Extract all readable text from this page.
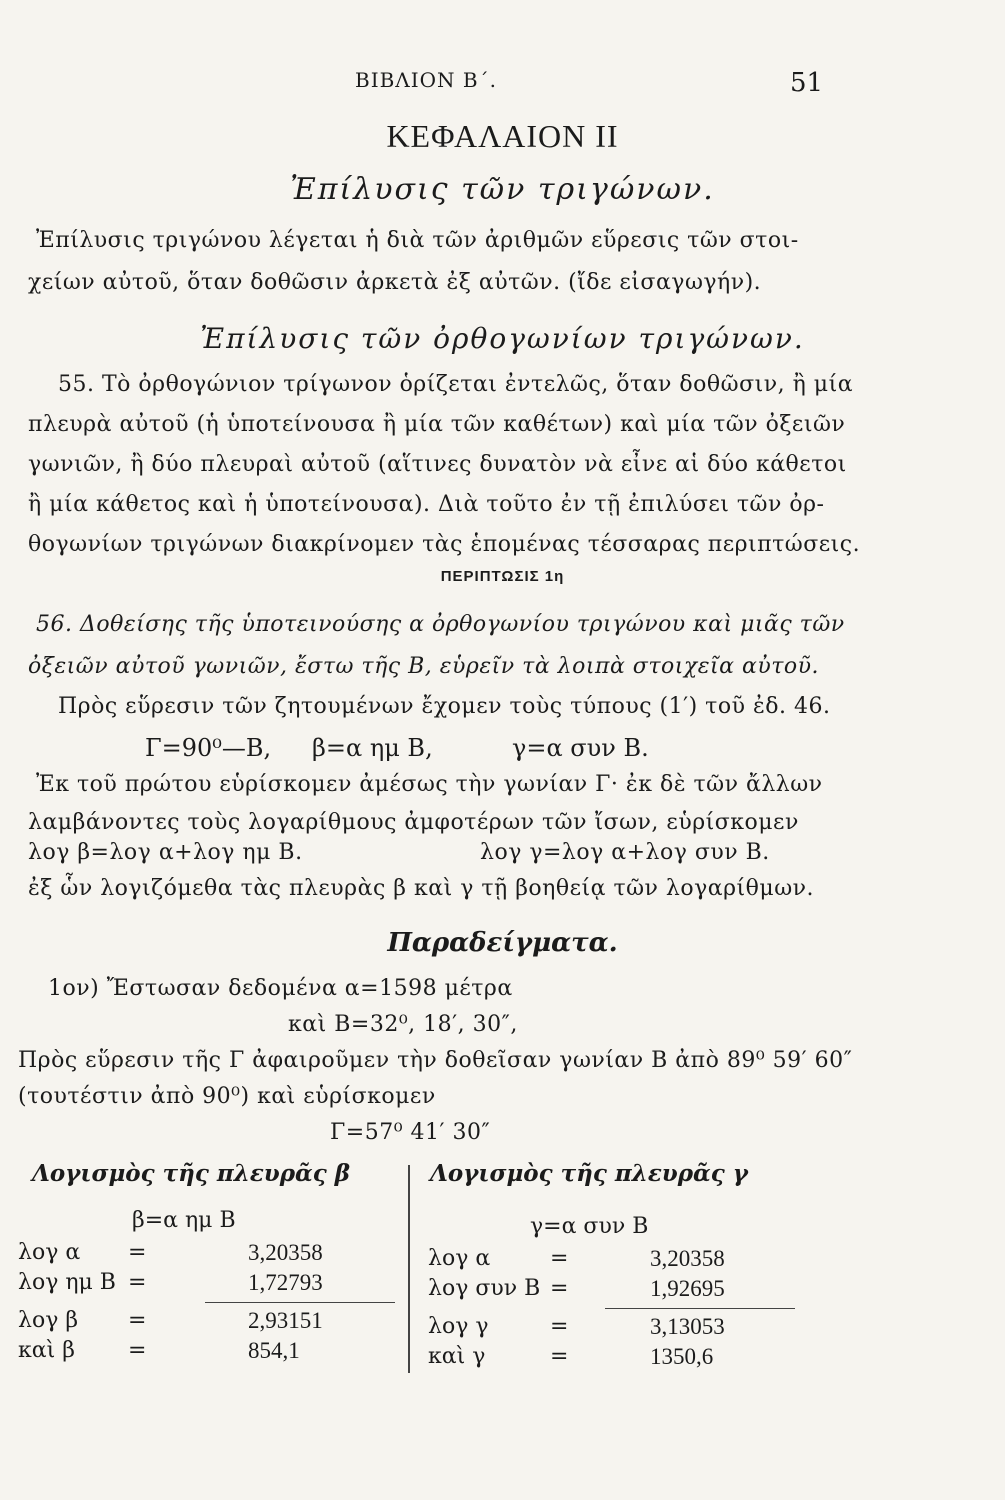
ΒΙΒΛΙΟΝ Β΄.	51
ΚΕΦΑΛΑΙΟΝ ΙΙ
Ἐπίλυσις τῶν τριγώνων.
Ἐπίλυσις τριγώνου λέγεται ἡ διὰ τῶν ἀριθμῶν εὕρεσις τῶν στοι-
χείων αὐτοῦ, ὅταν δοθῶσιν ἀρκετὰ ἐξ αὐτῶν. (ἴδε εἰσαγωγήν).
Ἐπίλυσις τῶν ὀρθογωνίων τριγώνων.
55. Τὸ ὀρθογώνιον τρίγωνον ὁρίζεται ἐντελῶς, ὅταν δοθῶσιν, ἢ μία
πλευρὰ αὐτοῦ (ἡ ὑποτείνουσα ἢ μία τῶν καθέτων) καὶ μία τῶν ὀξειῶν
γωνιῶν, ἢ δύο πλευραὶ αὐτοῦ (αἵτινες δυνατὸν νὰ εἶνε αἱ δύο κάθετοι
ἢ μία κάθετος καὶ ἡ ὑποτείνουσα). Διὰ τοῦτο ἐν τῇ ἐπιλύσει τῶν ὀρ-
θογωνίων τριγώνων διακρίνομεν τὰς ἑπομένας τέσσαρας περιπτώσεις.
ΠΕΡΙΠΤΩΣΙΣ 1η
56. Δοθείσης τῆς ὑποτεινούσης α ὀρθογωνίου τριγώνου καὶ μιᾶς τῶν
ὀξειῶν αὐτοῦ γωνιῶν, ἔστω τῆς Β, εὑρεῖν τὰ λοιπὰ στοιχεῖα αὐτοῦ.
Πρὸς εὕρεσιν τῶν ζητουμένων ἔχομεν τοὺς τύπους (1′) τοῦ ἐδ. 46.
Γ=90⁰—Β, β=α ημ Β,	γ=α συν Β.
Ἐκ τοῦ πρώτου εὑρίσκομεν ἀμέσως τὴν γωνίαν Γ· ἐκ δὲ τῶν ἄλλων
λαμβάνοντες τοὺς λογαρίθμους ἀμφοτέρων τῶν ἴσων, εὑρίσκομεν
λογ β=λογ α+λογ ημ Β.	λογ γ=λογ α+λογ συν Β.
ἐξ ὧν λογιζόμεθα τὰς πλευρὰς β καὶ γ τῇ βοηθείᾳ τῶν λογαρίθμων.
Παραδείγματα.
1ον) Ἔστωσαν δεδομένα α=1598 μέτρα
καὶ Β=32⁰, 18′, 30″,
Πρὸς εὕρεσιν τῆς Γ ἀφαιροῦμεν τὴν δοθεῖσαν γωνίαν Β ἀπὸ 89⁰ 59′ 60″
(τουτέστιν ἀπὸ 90⁰) καὶ εὑρίσκομεν
Γ=57⁰ 41′ 30″
Λογισμὸς τῆς πλευρᾶς β
β=α ημ Β
λογ α =	3,20358
λογ ημ Β =	1,72793
λογ β =	2,93151
καὶ β =	854,1
Λογισμὸς τῆς πλευρᾶς γ
γ=α συν Β
λογ α	=	3,20358
λογ συν Β =	1,92695
λογ γ	=	3,13053
καὶ γ	=	1350,6
